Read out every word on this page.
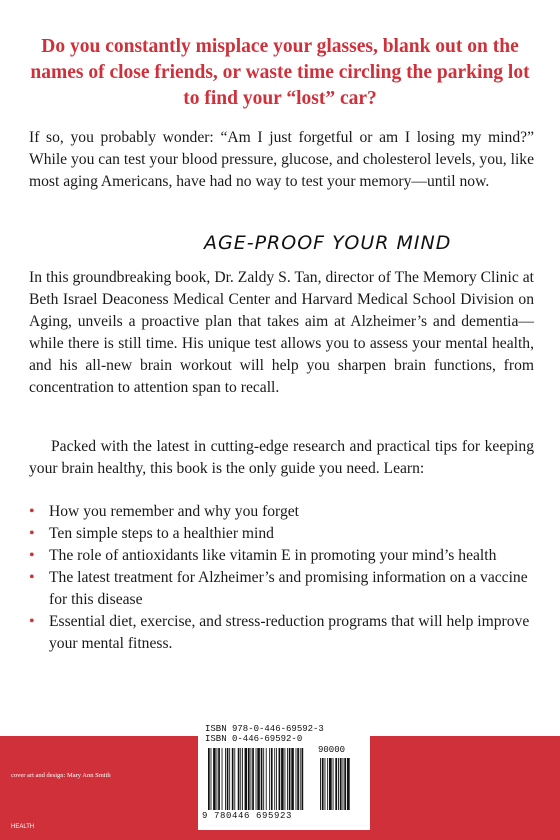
Do you constantly misplace your glasses, blank out on the names of close friends, or waste time circling the parking lot to find your “lost” car?
If so, you probably wonder: “Am I just forgetful or am I losing my mind?” While you can test your blood pressure, glucose, and cholesterol levels, you, like most aging Americans, have had no way to test your memory—until now.
AGE-PROOF YOUR MIND
In this groundbreaking book, Dr. Zaldy S. Tan, director of The Memory Clinic at Beth Israel Deaconess Medical Center and Harvard Medical School Division on Aging, unveils a proactive plan that takes aim at Alzheimer’s and dementia—while there is still time. His unique test allows you to assess your mental health, and his all-new brain workout will help you sharpen brain functions, from concentration to attention span to recall.
Packed with the latest in cutting-edge research and practical tips for keeping your brain healthy, this book is the only guide you need. Learn:
• How you remember and why you forget
• Ten simple steps to a healthier mind
• The role of antioxidants like vitamin E in promoting your mind’s health
• The latest treatment for Alzheimer’s and promising information on a vaccine for this disease
• Essential diet, exercise, and stress-reduction programs that will help improve your mental fitness.
cover art and design: Mary Ann Smith
HEALTH
ISBN 978-0-446-69592-3
ISBN 0-446-69592-0
90000
9 780446 695923
